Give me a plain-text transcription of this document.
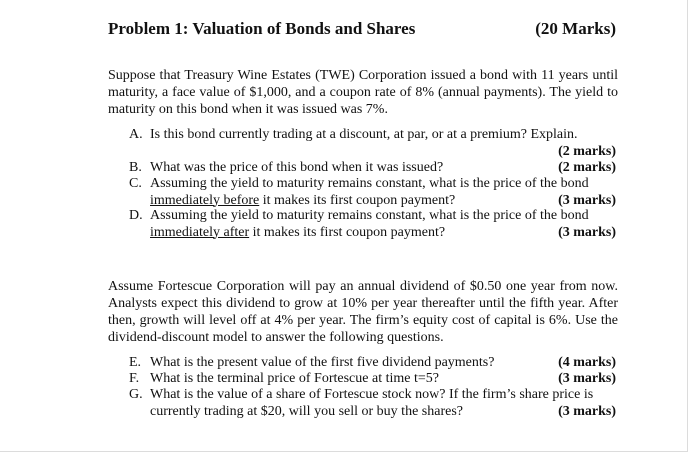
Problem 1: Valuation of Bonds and Shares	(20 Marks)
Suppose that Treasury Wine Estates (TWE) Corporation issued a bond with 11 years until maturity, a face value of $1,000, and a coupon rate of 8% (annual payments). The yield to maturity on this bond when it was issued was 7%.
A. Is this bond currently trading at a discount, at par, or at a premium? Explain.
(2 marks)
B.	(2 marks)
What was the price of this bond when it was issued?
C. Assuming the yield to maturity remains constant, what is the price of the bond
(3 marks)
immediately before it makes its first coupon payment?
D. Assuming the yield to maturity remains constant, what is the price of the bond
(3 marks)
immediately after it makes its first coupon payment?
Assume Fortescue Corporation will pay an annual dividend of $0.50 one year from now. Analysts expect this dividend to grow at 10% per year thereafter until the fifth year. After then, growth will level off at 4% per year. The firm’s equity cost of capital is 6%. Use the dividend-discount model to answer the following questions.
E.	(4 marks)
What is the present value of the first five dividend payments?
F.	(3 marks)
What is the terminal price of Fortescue at time t=5?
G. What is the value of a share of Fortescue stock now? If the firm’s share price is
(3 marks)
currently trading at $20, will you sell or buy the shares?
